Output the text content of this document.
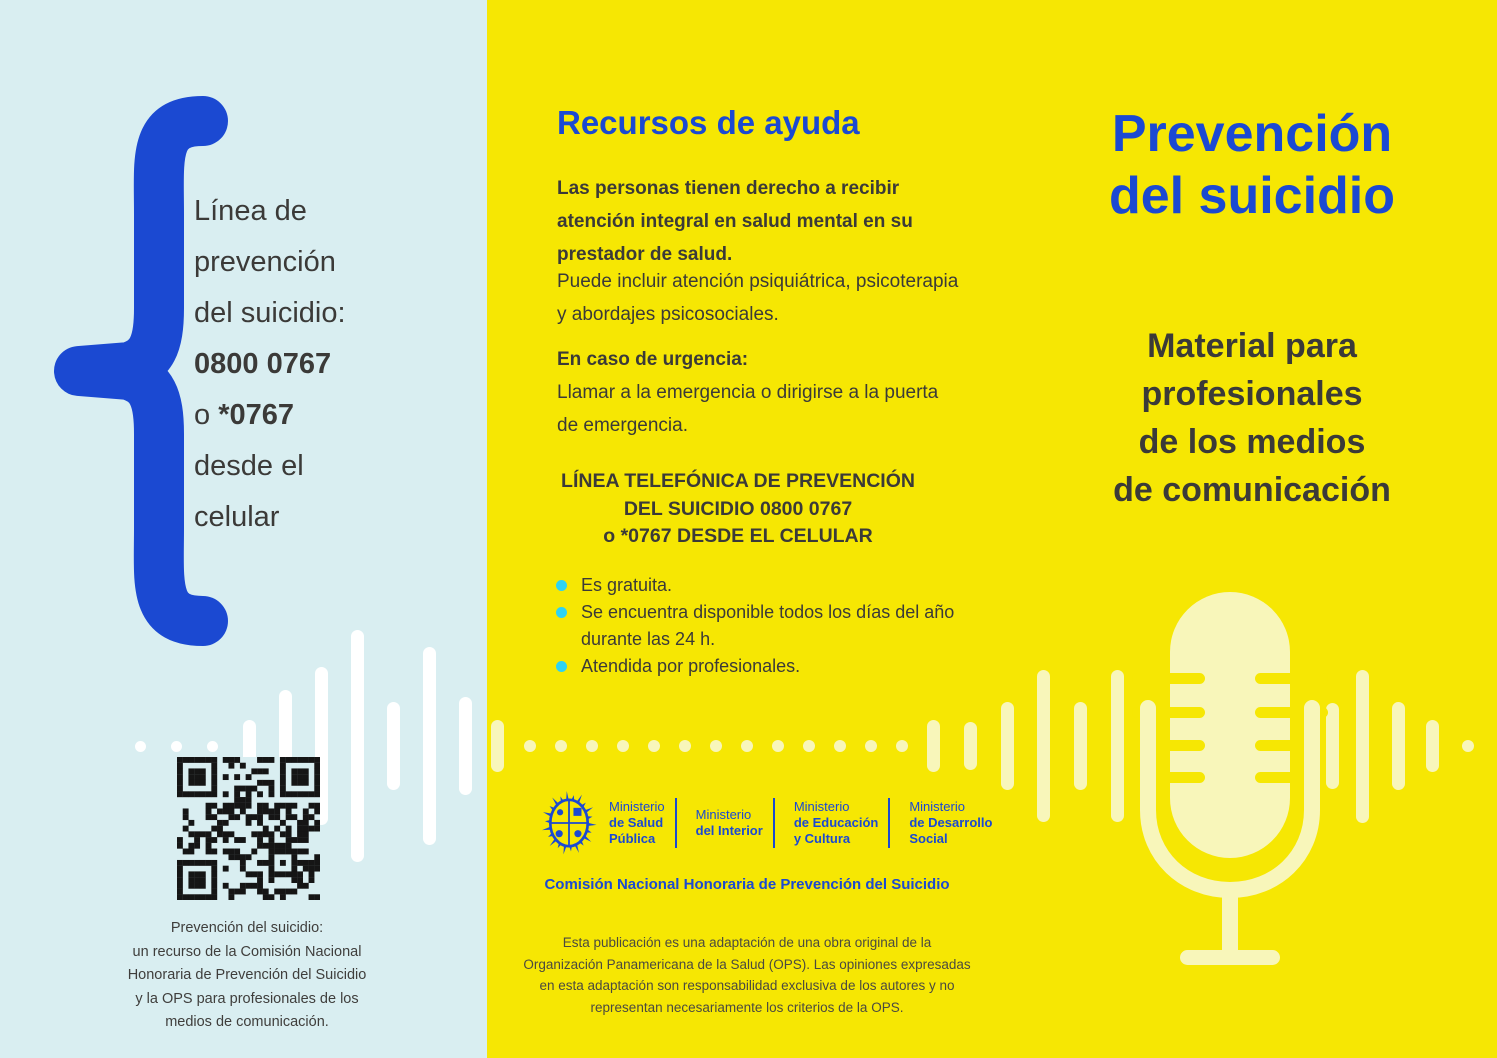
Línea de
prevención
del suicidio:
0800 0767
o *0767
desde el
celular
Prevención del suicidio:
un recurso de la Comisión Nacional
Honoraria de Prevención del Suicidio
y la OPS para profesionales de los
medios de comunicación.
Recursos de ayuda
Las personas tienen derecho a recibir
atención integral en salud mental en su
prestador de salud.
Puede incluir atención psiquiátrica, psicoterapia
y abordajes psicosociales.
En caso de urgencia:
Llamar a la emergencia o dirigirse a la puerta
de emergencia.
LÍNEA TELEFÓNICA DE PREVENCIÓN
DEL SUICIDIO 0800 0767
o *0767 DESDE EL CELULAR
Es gratuita.
Se encuentra disponible todos los días del año durante las 24 h.
Atendida por profesionales.
Ministerio
de Salud
Pública
Ministerio
del Interior
Ministerio
de Educación
y Cultura
Ministerio
de Desarrollo
Social
Comisión Nacional Honoraria de Prevención del Suicidio
Esta publicación es una adaptación de una obra original de la
Organización Panamericana de la Salud (OPS). Las opiniones expresadas
en esta adaptación son responsabilidad exclusiva de los autores y no
representan necesariamente los criterios de la OPS.
Prevención
del suicidio
Material para
profesionales
de los medios
de comunicación
